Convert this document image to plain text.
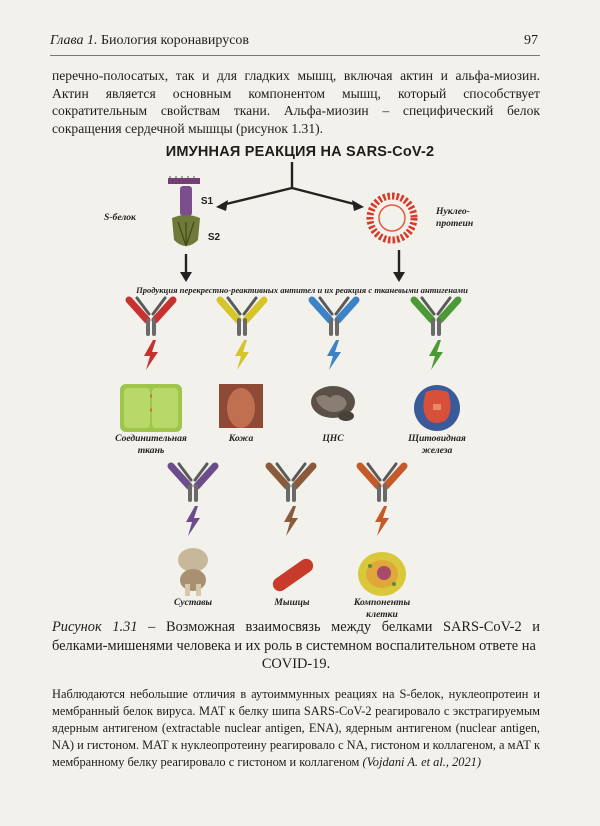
Глава 1. Биология коронавирусов	97
перечно-полосатых, так и для гладких мышц, включая актин и альфа-миозин. Актин является основным компонентом мышц, который способствует сократительным свойствам ткани. Альфа-миозин – специфический белок сокращения сердечной мышцы (рисунок 1.31).
ИМУННАЯ РЕАКЦИЯ НА SARS-CoV-2
S-белок
S1
S2
Нуклео-
протеин
Продукция перекрестно-реактивных антител и их реакция с тканевыми антигенами
Соединительная
ткань
Кожа	ЦНС	Щитовидная
железа
Суставы	Мышцы	Компоненты
клетки
Рисунок 1.31 – Возможная взаимосвязь между белками SARS-CoV-2 и белками-мишенями человека и их роль в системном воспалительном ответе на
COVID-19.
Наблюдаются небольшие отличия в аутоиммунных реациях на S-белок, нуклеопротеин и мембранный белок вируса. МАТ к белку шипа SARS-CoV-2 реагировало с экстрагируемым ядерным антигеном (extractable nuclear antigen, ENA), ядерным антигеном (nuclear antigen, NA) и гистоном. МАТ к нуклеопротеину реагировало с NA, гистоном и коллагеном, а мАТ к мембранному белку реагировало с гистоном и коллагеном (Vojdani A. et al., 2021)
